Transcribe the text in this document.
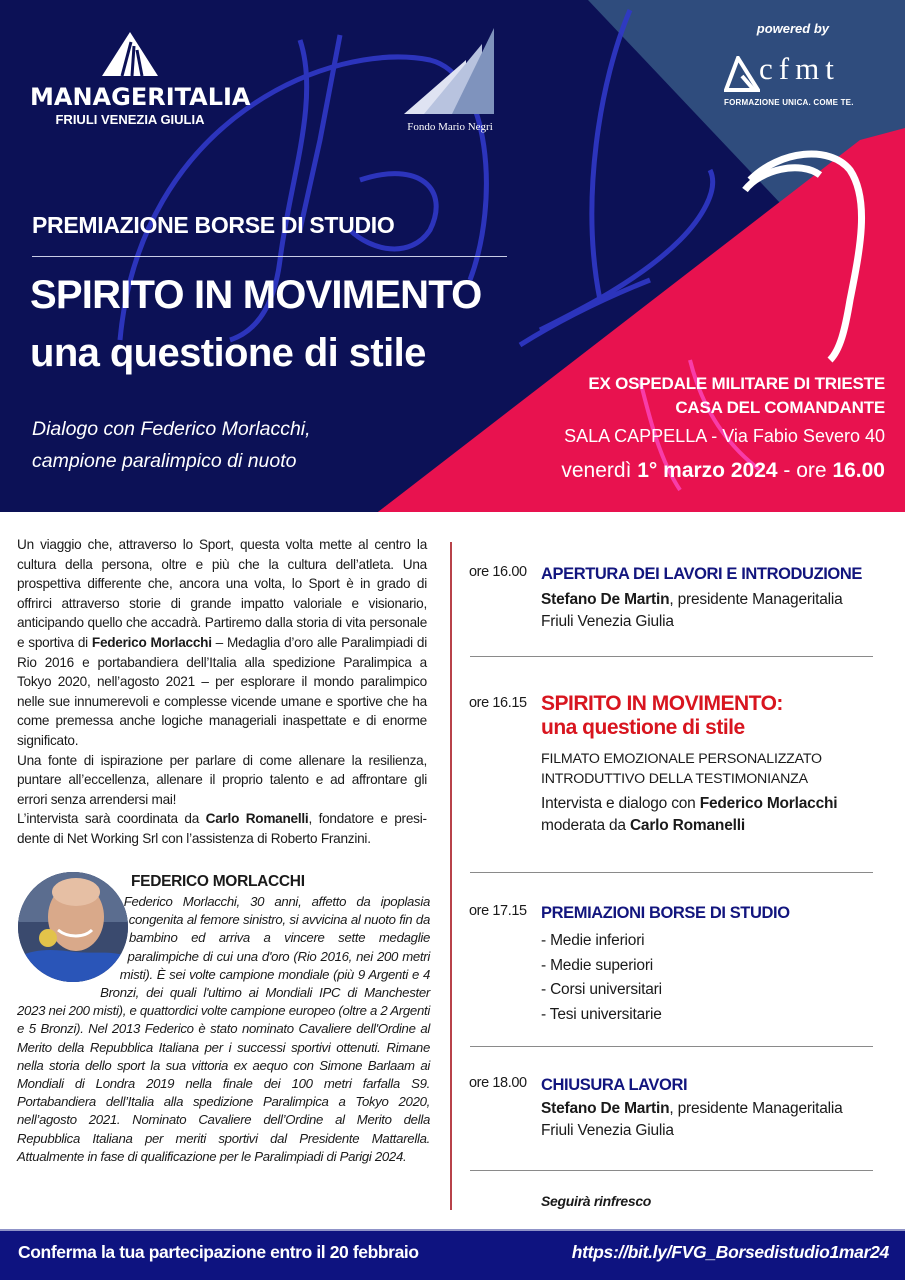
MANAGERITALIA
FRIULI VENEZIA GIULIA	Fondo Mario Negri
powered by
cfmt
FORMAZIONE UNICA. COME TE.
PREMIAZIONE BORSE DI STUDIO
SPIRITO IN MOVIMENTO
una questione di stile
Dialogo con Federico Morlacchi,
campione paralimpico di nuoto
EX OSPEDALE MILITARE DI TRIESTE
CASA DEL COMANDANTE
SALA CAPPELLA - Via Fabio Severo 40
venerdì 1° marzo 2024 - ore 16.00

Un viaggio che, attraverso lo Sport, questa volta mette al centro la cultura della persona, oltre e più che la cultura dell’atleta. Una prospettiva differente che, ancora una volta, lo Sport è in grado di offrirci attraverso storie di grande impatto valoriale e visionario, anticipando quello che accadrà. Partiremo dalla storia di vita personale e sportiva di Federico Morlacchi – Medaglia d’oro alle Paralimpiadi di Rio 2016 e portabandiera dell’Italia alla spedizione Paralimpica a Tokyo 2020, nell’agosto 2021 – per esplorare il mondo paralimpico nelle sue innumerevoli e complesse vicende umane e sportive che ha come premessa anche logiche manageriali inaspettate e di enorme significato.

Una fonte di ispirazione per parlare di come allenare la resilienza, puntare all’eccellenza, allenare il proprio talento e ad affrontare gli errori senza arrendersi mai!

L’intervista sarà coordinata da Carlo Romanelli, fondatore e presidente di Net Working Srl con l’assistenza di Roberto Franzini.

FEDERICO MORLACCHI
Federico Morlacchi, 30 anni, affetto da ipoplasia congenita al femore sinistro, si avvicina al nuoto fin da bambino ed arriva a vincere sette medaglie paralimpiche di cui una d'oro (Rio 2016, nei 200 metri misti). È sei volte campione mondiale (più 9 Argenti e 4 Bronzi, dei quali l'ultimo ai Mondiali IPC di Manchester 2023 nei 200 misti), e quattordici volte campione europeo (oltre a 2 Argenti e 5 Bronzi). Nel 2013 Federico è stato nominato Cavaliere dell'Ordine al Merito della Repubblica Italiana per i successi sportivi ottenuti. Rimane nella storia dello sport la sua vittoria ex aequo con Simone Barlaam ai Mondiali di Londra 2019 nella finale dei 100 metri farfalla S9. Portabandiera dell’Italia alla spedizione Paralimpica a Tokyo 2020, nell’agosto 2021. Nominato Cavaliere dell’Ordine al Merito della Repubblica Italiana per meriti sportivi dal Presidente Mattarella. Attualmente in fase di qualificazione per le Paralimpiadi di Parigi 2024.
ore 16.00 APERTURA DEI LAVORI E INTRODUZIONE
Stefano De Martin, presidente Manageritalia
Friuli Venezia Giulia
ore 16.15 SPIRITO IN MOVIMENTO:
una questione di stile
FILMATO EMOZIONALE PERSONALIZZATO
INTRODUTTIVO DELLA TESTIMONIANZA
Intervista e dialogo con Federico Morlacchi
moderata da Carlo Romanelli
ore 17.15 PREMIAZIONI BORSE DI STUDIO
- Medie inferiori
- Medie superiori
- Corsi universitari
- Tesi universitarie
ore 18.00 CHIUSURA LAVORI
Stefano De Martin, presidente Manageritalia
Friuli Venezia Giulia
Seguirà rinfresco
Conferma la tua partecipazione entro il 20 febbraio	https://bit.ly/FVG_Borsedistudio1mar24
